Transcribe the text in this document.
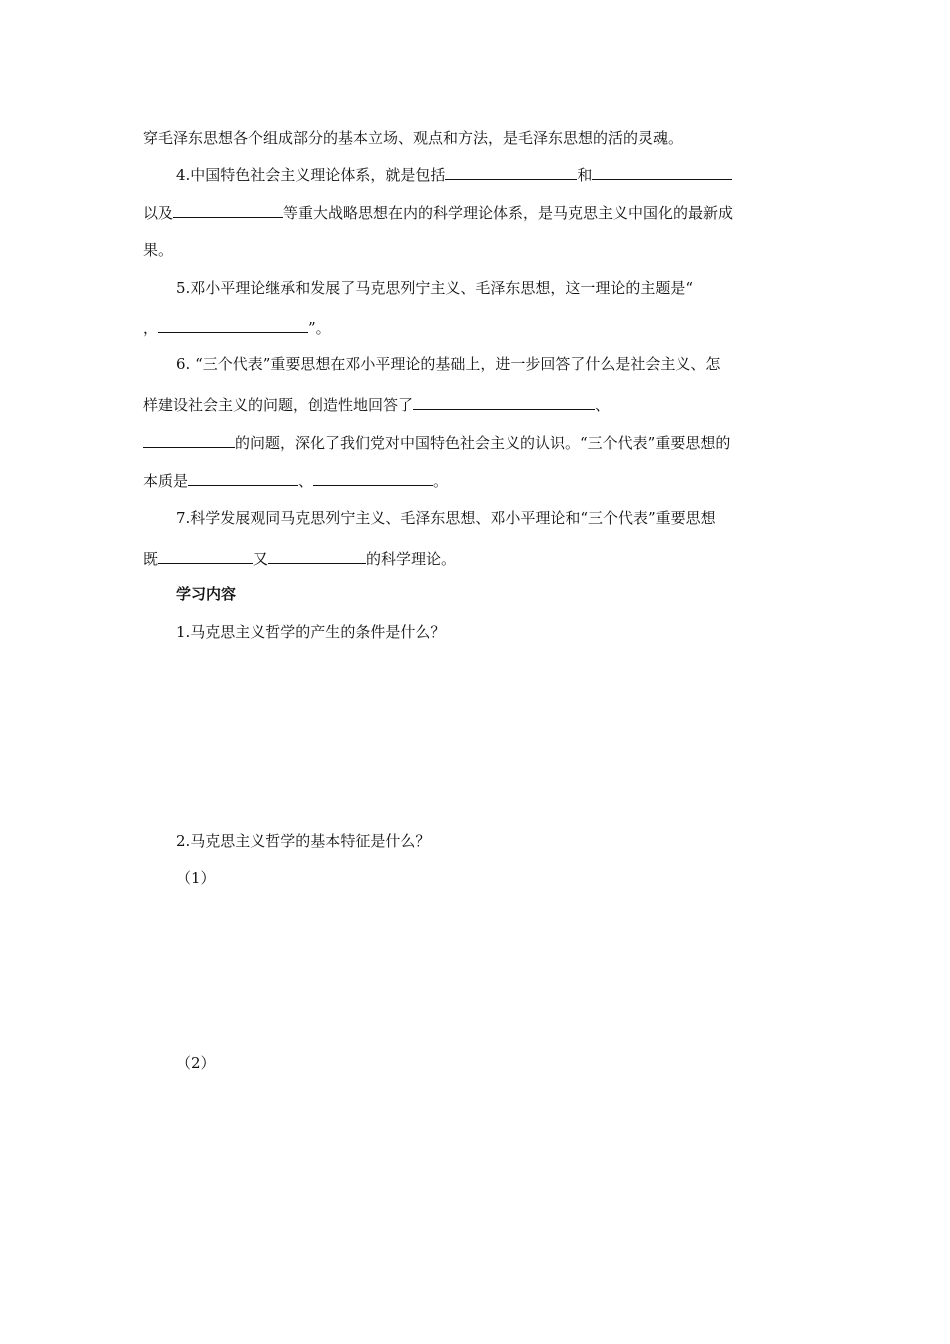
穿毛泽东思想各个组成部分的基本立场、观点和方法，是毛泽东思想的活的灵魂。
4.中国特色社会主义理论体系，就是包括	和
以及	等重大战略思想在内的科学理论体系，是马克思主义中国化的最新成
果。
5.邓小平理论继承和发展了马克思列宁主义、毛泽东思想，这一理论的主题是“
，	”。
6. “三个代表”重要思想在邓小平理论的基础上，进一步回答了什么是社会主义、怎
样建设社会主义的问题，创造性地回答了	、
的问题，深化了我们党对中国特色社会主义的认识。“三个代表”重要思想的
本质是	、	。
7.科学发展观同马克思列宁主义、毛泽东思想、邓小平理论和“三个代表”重要思想
既	又	的科学理论。
学习内容
1.马克思主义哲学的产生的条件是什么？
2.马克思主义哲学的基本特征是什么？
（1）
（2）
